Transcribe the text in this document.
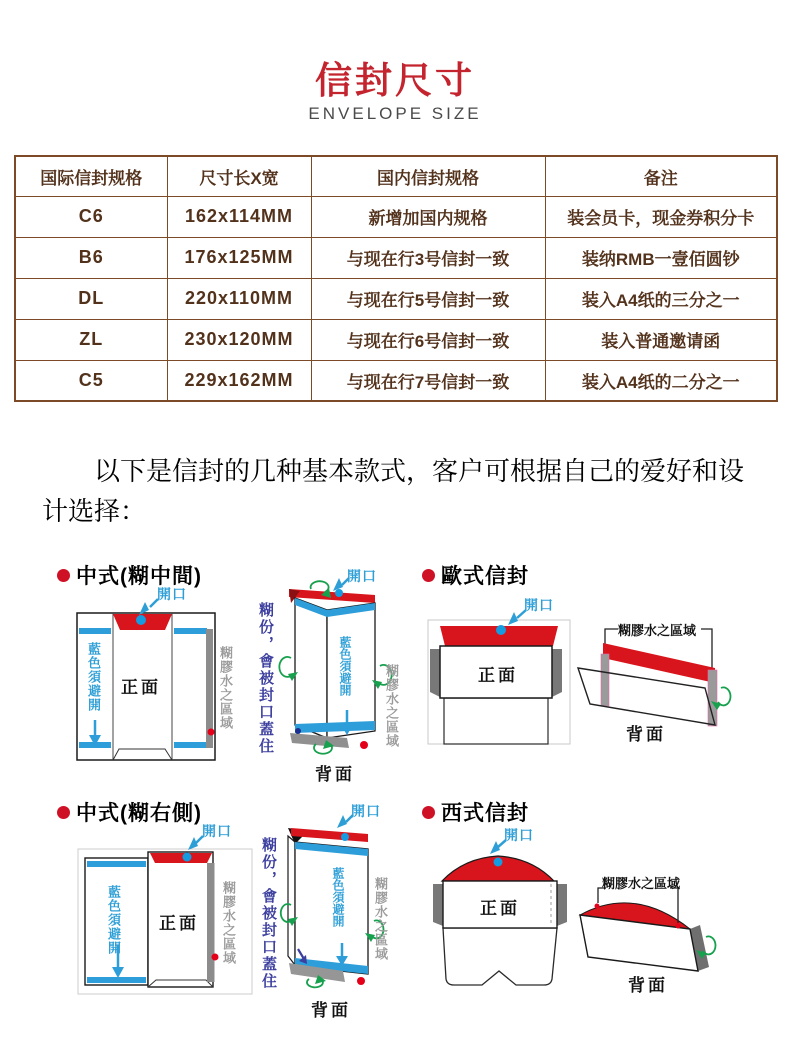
信封尺寸
ENVELOPE SIZE
国际信封规格	尺寸长X宽	国内信封规格	备注
C6	162x114MM	新增加国内规格	装会员卡，现金券积分卡
B6	176x125MM	与现在行3号信封一致	装纳RMB一壹佰圆钞
DL	220x110MM	与现在行5号信封一致	装入A4纸的三分之一
ZL	230x120MM	与现在行6号信封一致	装入普通邀请函
C5	229x162MM	与现在行7号信封一致	装入A4纸的二分之一

以下是信封的几种基本款式，客户可根据自己的爱好和设计选择：

中式(糊中間)
開口
藍色須避開 正面	糊膠水之區域 糊份，會被封口蓋住	藍色須避開
開口
背面
糊膠水之區域
歐式信封
開口
正面
糊膠水之區域
背面
中式(糊右側)
開口
藍色須避開 正面 糊膠水之區域 糊份，會被封口蓋住	藍色須避開
開口
背面
糊膠水之區域
西式信封
開口
正面
糊膠水之區域
背面
